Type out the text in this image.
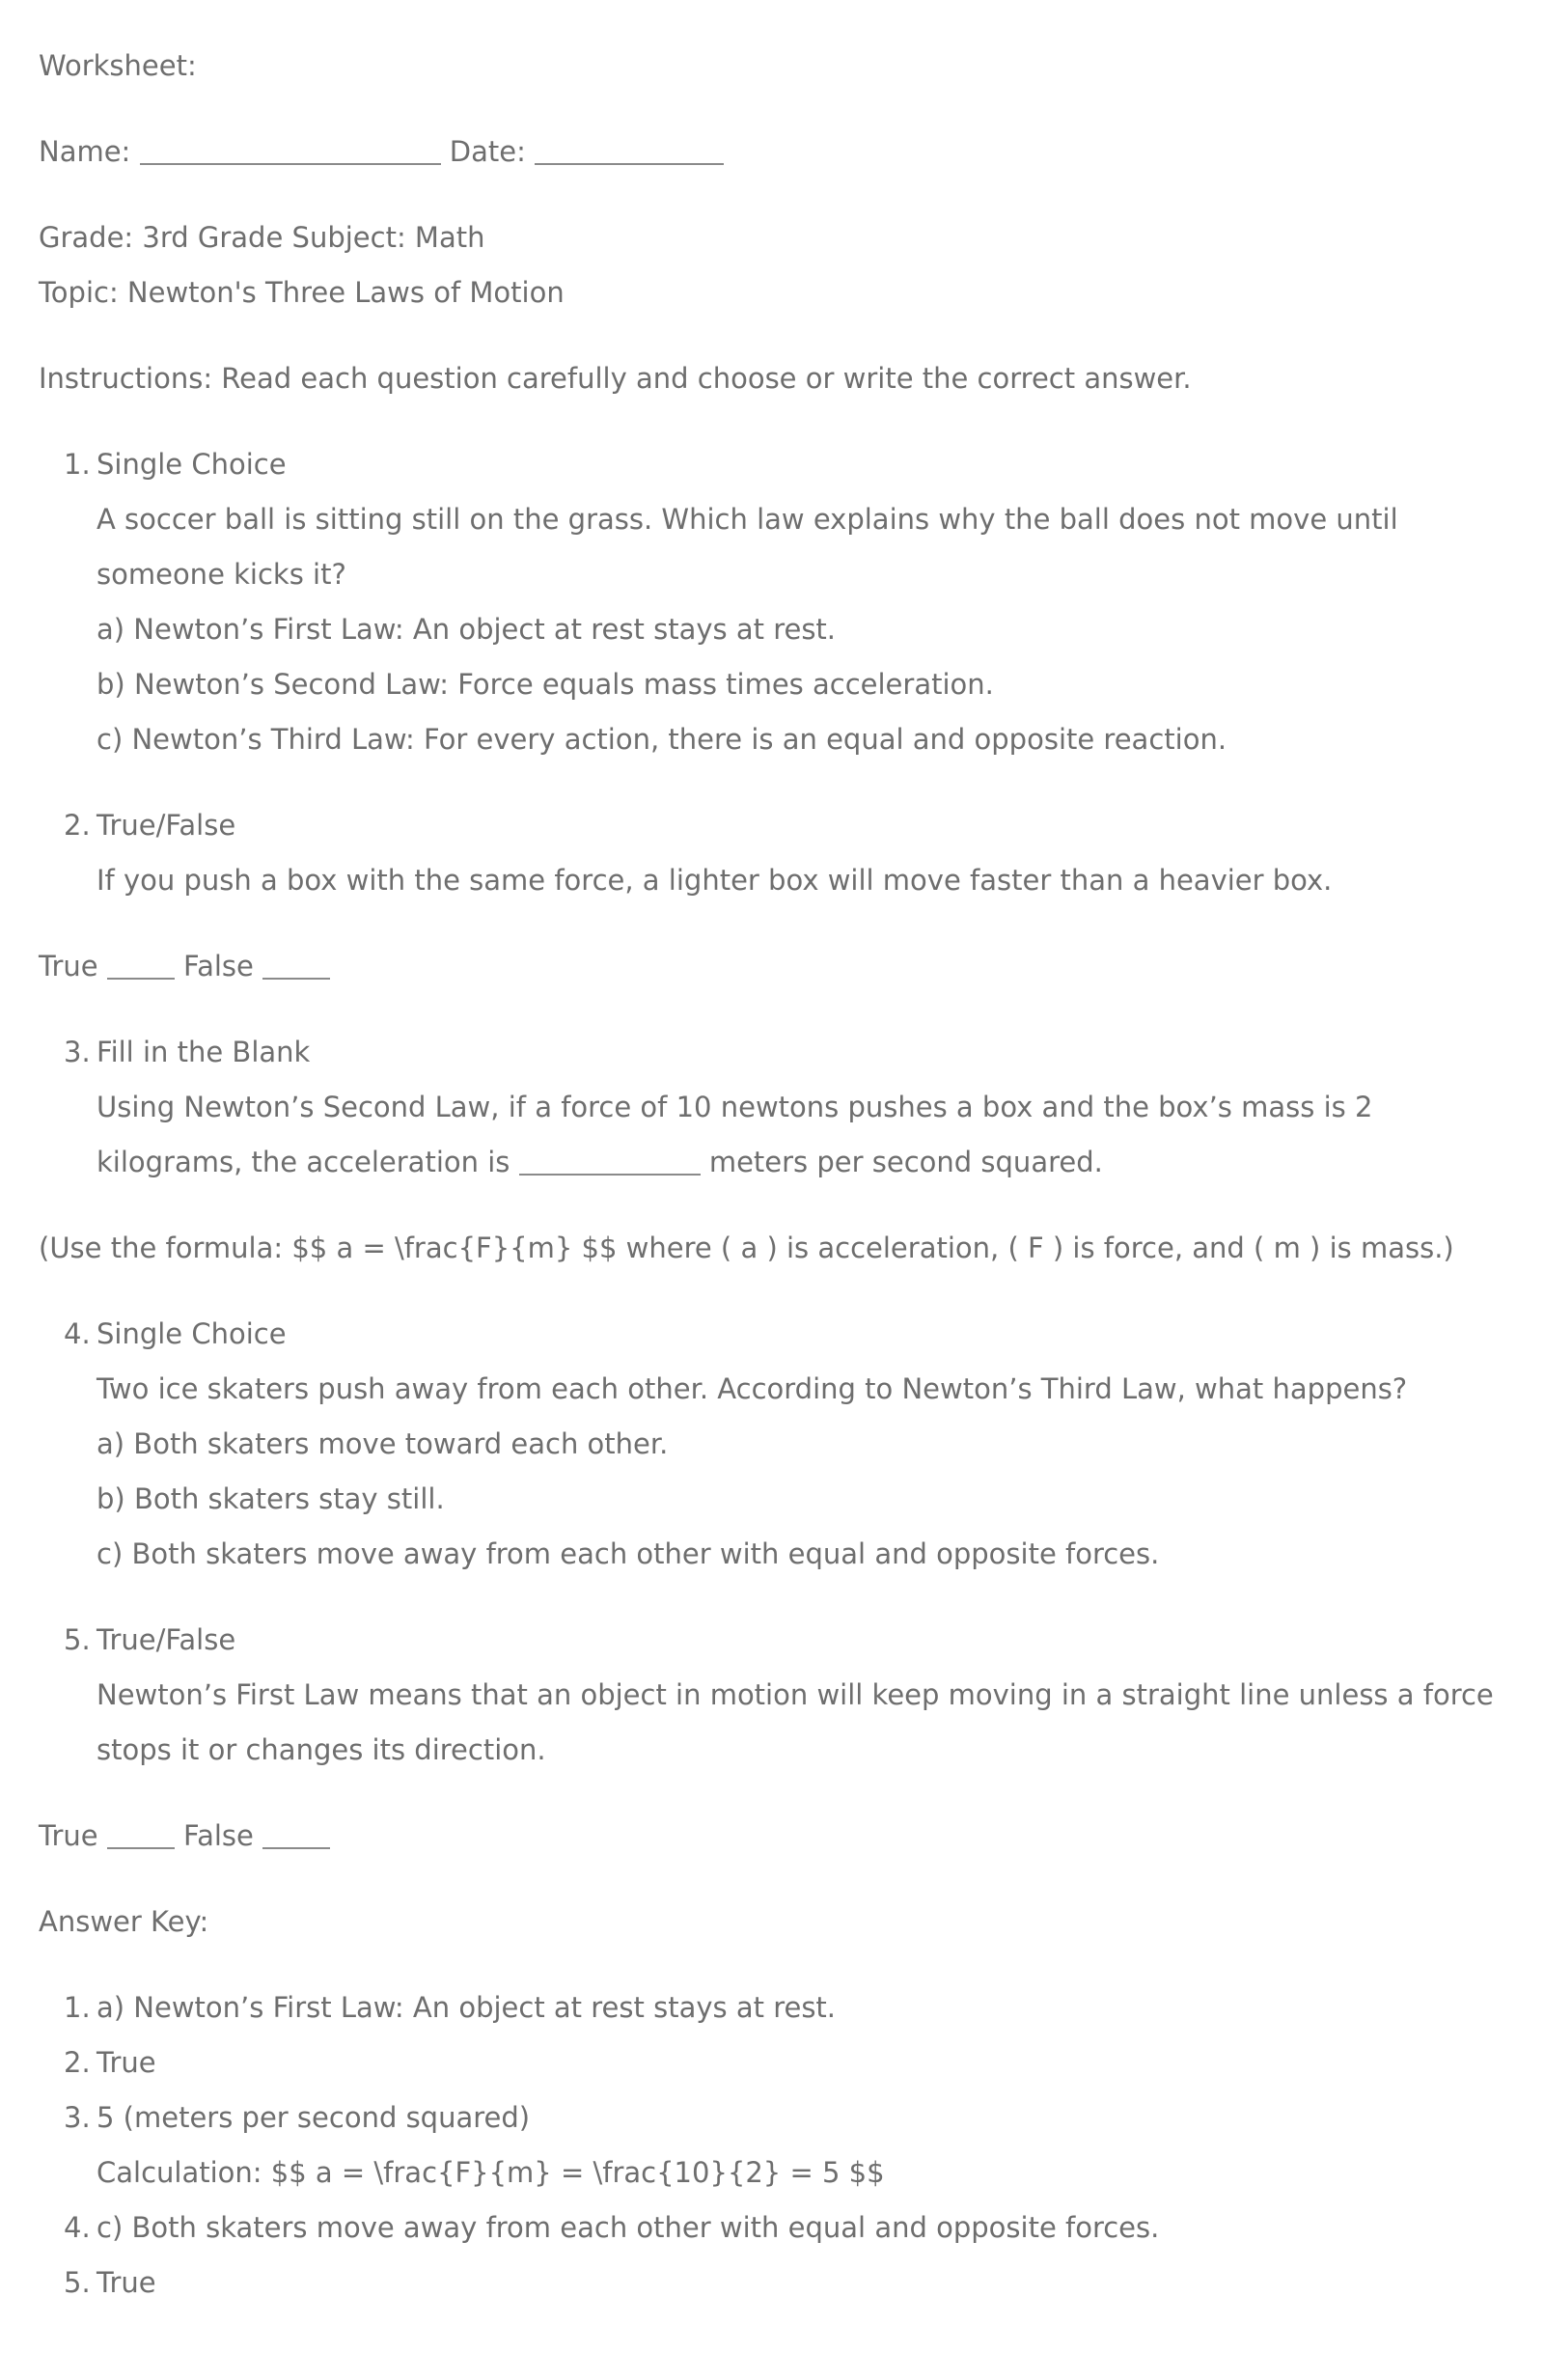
Worksheet:

Name:	Date:

Grade: 3rd Grade Subject: Math

Topic: Newton's Three Laws of Motion

Instructions: Read each question carefully and choose or write the correct answer.

1. Single Choice
A soccer ball is sitting still on the grass. Which law explains why the ball does not move until someone kicks it?
a) Newton’s First Law: An object at rest stays at rest.
b) Newton’s Second Law: Force equals mass times acceleration.
c) Newton’s Third Law: For every action, there is an equal and opposite reaction.
2. True/False
If you push a box with the same force, a lighter box will move faster than a heavier box.

True	False

3. Fill in the Blank
Using Newton’s Second Law, if a force of 10 newtons pushes a box and the box’s mass is 2 kilograms, the acceleration is	meters per second squared.

(Use the formula: $$ a = \frac{F}{m} $$ where ( a ) is acceleration, ( F ) is force, and ( m ) is mass.)

4. Single Choice
Two ice skaters push away from each other. According to Newton’s Third Law, what happens?
a) Both skaters move toward each other.
b) Both skaters stay still.
c) Both skaters move away from each other with equal and opposite forces.
5. True/False
Newton’s First Law means that an object in motion will keep moving in a straight line unless a force stops it or changes its direction.

True	False

Answer Key:

1. a) Newton’s First Law: An object at rest stays at rest.
2. True
3. 5 (meters per second squared)
Calculation: $$ a = \frac{F}{m} = \frac{10}{2} = 5 $$
4. c) Both skaters move away from each other with equal and opposite forces.
5. True
